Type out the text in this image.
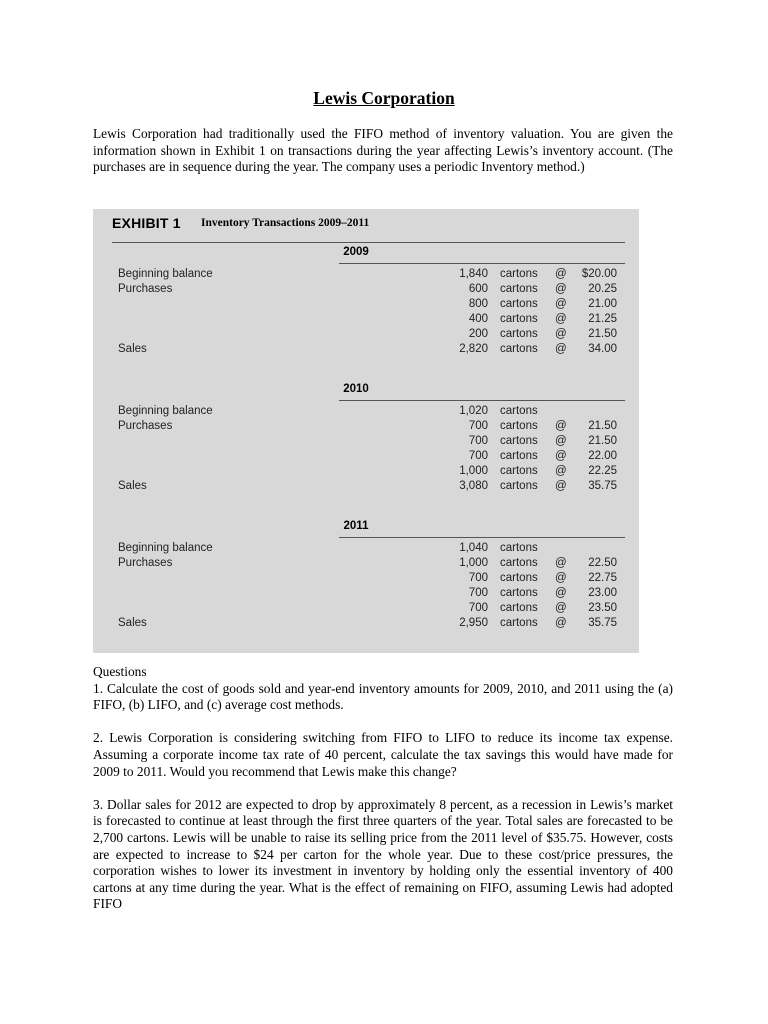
Lewis Corporation
Lewis Corporation had traditionally used the FIFO method of inventory valuation. You are given the information shown in Exhibit 1 on transactions during the year affecting Lewis’s inventory account. (The purchases are in sequence during the year. The company uses a periodic Inventory method.)
EXHIBIT 1 Inventory Transactions 2009–2011
2009
Beginning balance	1,840 cartons @ $20.00
Purchases	600 cartons @ 20.25
800 cartons @ 21.00
400 cartons @ 21.25
200 cartons @ 21.50
Sales	2,820 cartons @ 34.00
2010
Beginning balance	1,020 cartons
Purchases	700 cartons @ 21.50
700 cartons @ 21.50
700 cartons @ 22.00
1,000 cartons @ 22.25
Sales	3,080 cartons @ 35.75
2011
Beginning balance	1,040 cartons
Purchases	1,000 cartons @ 22.50
700 cartons @ 22.75
700 cartons @ 23.00
700 cartons @ 23.50
Sales	2,950 cartons @ 35.75

Questions

1. Calculate the cost of goods sold and year-end inventory amounts for 2009, 2010, and 2011 using the (a) FIFO, (b) LIFO, and (c) average cost methods.

2. Lewis Corporation is considering switching from FIFO to LIFO to reduce its income tax expense. Assuming a corporate income tax rate of 40 percent, calculate the tax savings this would have made for 2009 to 2011. Would you recommend that Lewis make this change?

3. Dollar sales for 2012 are expected to drop by approximately 8 percent, as a recession in Lewis’s market is forecasted to continue at least through the first three quarters of the year. Total sales are forecasted to be 2,700 cartons. Lewis will be unable to raise its selling price from the 2011 level of $35.75. However, costs are expected to increase to $24 per carton for the whole year. Due to these cost/price pressures, the corporation wishes to lower its investment in inventory by holding only the essential inventory of 400 cartons at any time during the year. What is the effect of remaining on FIFO, assuming Lewis had adopted FIFO
